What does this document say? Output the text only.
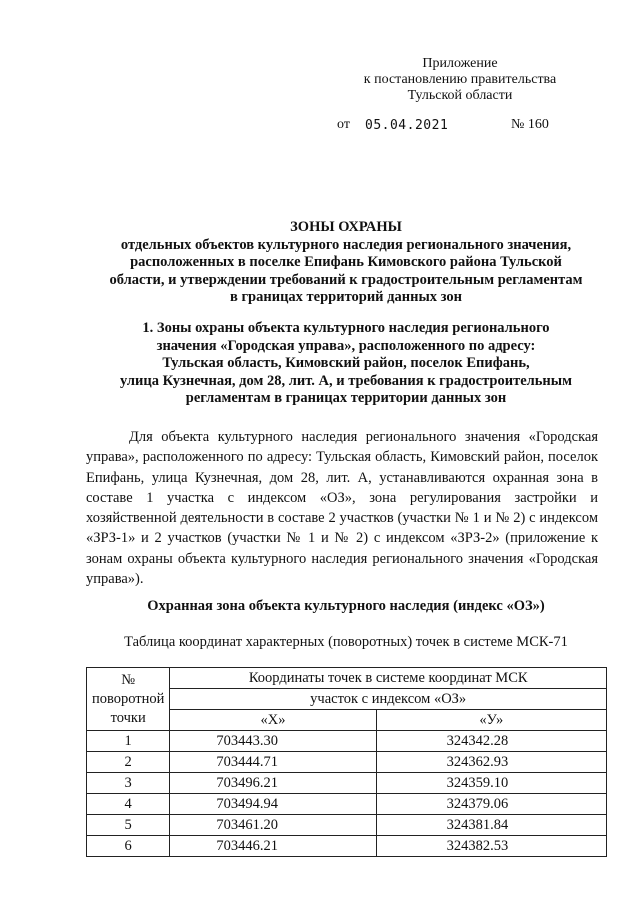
Приложение
к постановлению правительства
Тульской области
от 05.04.2021	№ 160
ЗОНЫ ОХРАНЫ
отдельных объектов культурного наследия регионального значения,
расположенных в поселке Епифань Кимовского района Тульской
области, и утверждении требований к градостроительным регламентам
в границах территорий данных зон
1. Зоны охраны объекта культурного наследия регионального
значения «Городская управа», расположенного по адресу:
Тульская область, Кимовский район, поселок Епифань,
улица Кузнечная, дом 28, лит. А, и требования к градостроительным
регламентам в границах территории данных зон
Для объекта культурного наследия регионального значения «Городская управа», расположенного по адресу: Тульская область, Кимовский район, поселок Епифань, улица Кузнечная, дом 28, лит. А, устанавливаются охранная зона в составе 1 участка с индексом «ОЗ», зона регулирования застройки и хозяйственной деятельности в составе 2 участков (участки № 1 и № 2) с индексом «ЗРЗ-1» и 2 участков (участки № 1 и № 2) с индексом «ЗРЗ-2» (приложение к зонам охраны объекта культурного наследия регионального значения «Городская управа»).
Охранная зона объекта культурного наследия (индекс «ОЗ»)
Таблица координат характерных (поворотных) точек в системе МСК-71
№
поворотной
точки	Координаты точек в системе координат МСК	
	участок с индексом «ОЗ»	
	«X»	«У»
1	703443.30	324342.28
2	703444.71	324362.93
3	703496.21	324359.10
4	703494.94	324379.06
5	703461.20	324381.84
6	703446.21	324382.53
